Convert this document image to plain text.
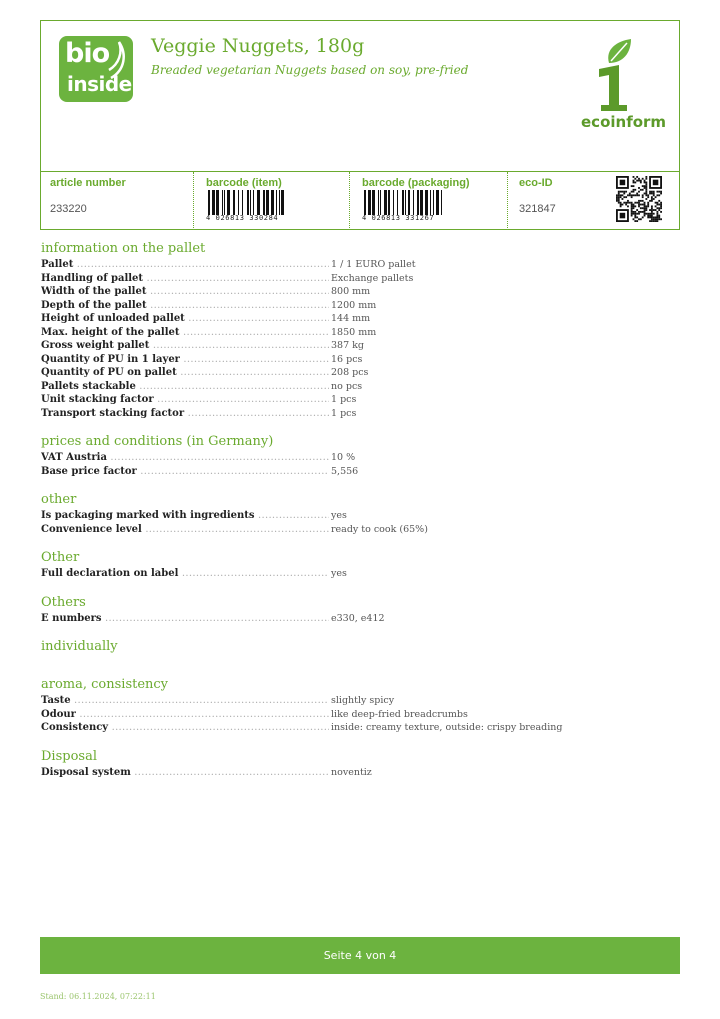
bio
inside
Veggie Nuggets, 180g
Breaded vegetarian Nuggets based on soy, pre-fried
ecoinform
article number
233220
barcode (item)
4 026813 330284
barcode (packaging)
4 026813 331267
eco-ID
321847
information on the pallet
Pallet .....	1 / 1 EURO pallet
Handling of pallet .....	Exchange pallets
Width of the pallet .....	800 mm
Depth of the pallet .....	1200 mm
Height of unloaded pallet .....	144 mm
Max. height of the pallet .....	1850 mm
Gross weight pallet .....	387 kg
Quantity of PU in 1 layer .....	16 pcs
Quantity of PU on pallet .....	208 pcs
Pallets stackable .....	no pcs
Unit stacking factor .....	1 pcs
Transport stacking factor .....	1 pcs
prices and conditions (in Germany)
VAT Austria .....	10 %
Base price factor .....	5,556
other
Is packaging marked with ingredients .....	yes
Convenience level .....	ready to cook (65%)
Other
Full declaration on label .....	yes
Others
E numbers .....	e330, e412
individually
aroma, consistency
Taste .....	slightly spicy
Odour .....	like deep-fried breadcrumbs
Consistency .....	inside: creamy texture, outside: crispy breading
Disposal
Disposal system .....	noventiz
Seite 4 von 4
Stand: 06.11.2024, 07:22:11
